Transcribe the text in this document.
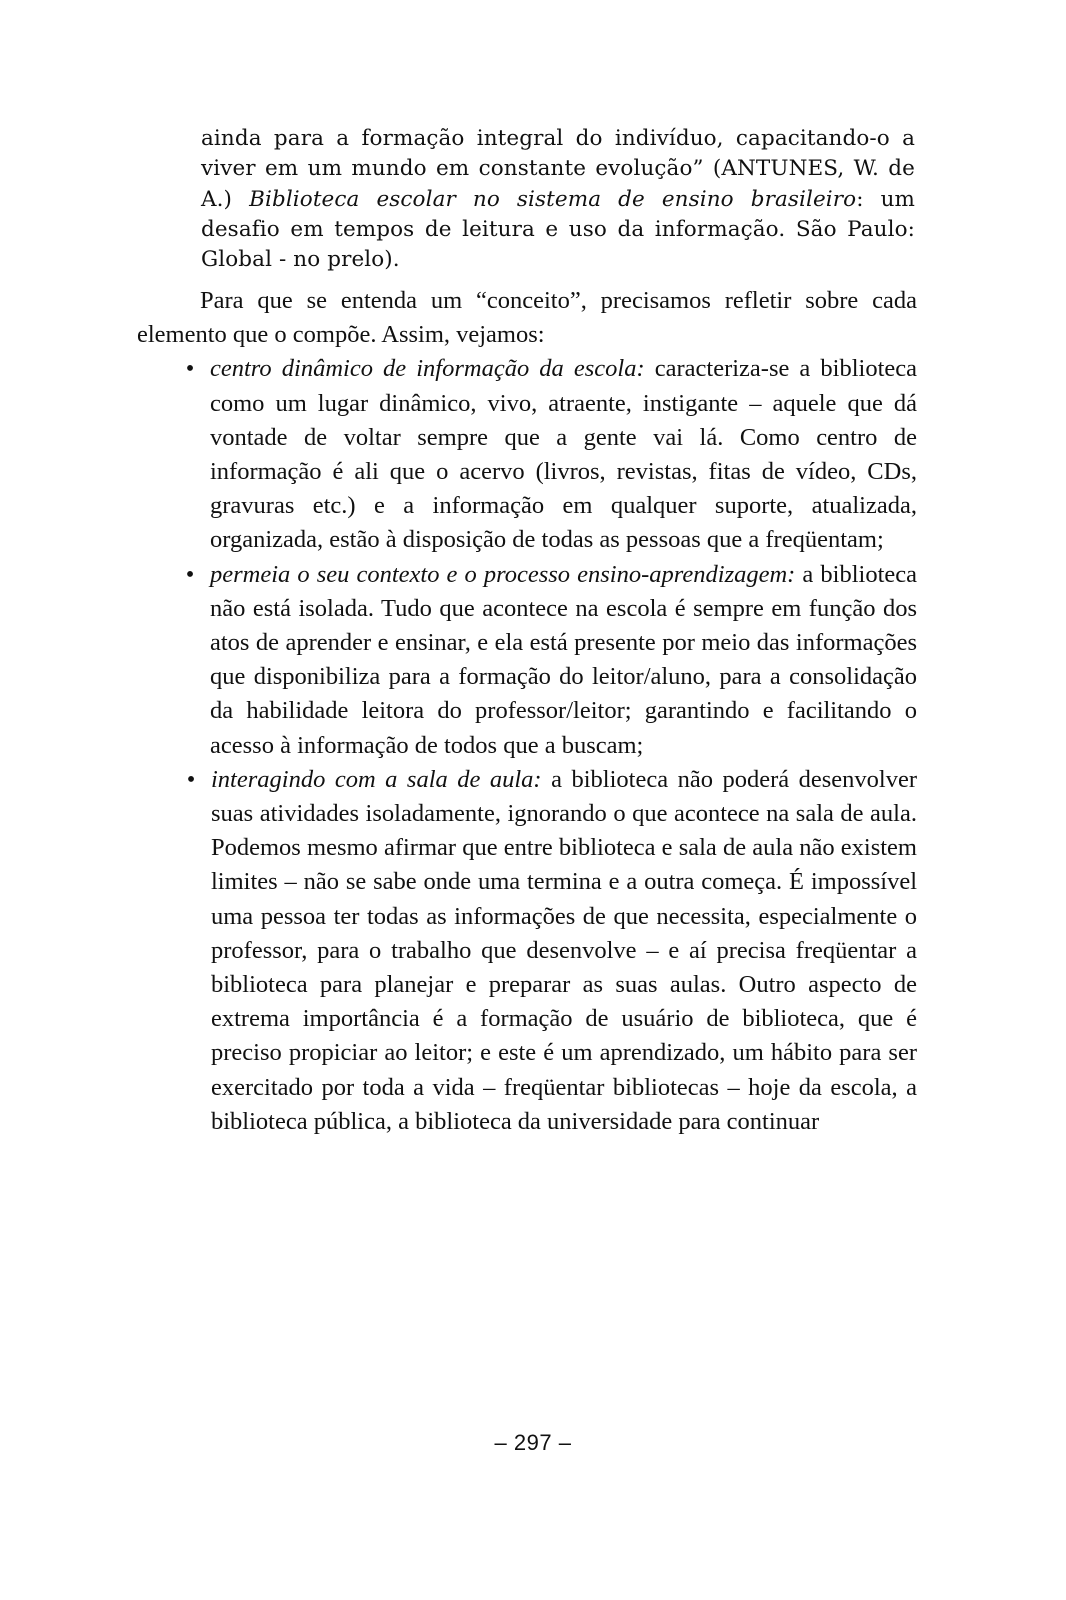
ainda para a formação integral do indivíduo, capacitando-o a viver em um mundo em constante evolução” (ANTUNES, W. de A.) Biblioteca escolar no sistema de ensino brasileiro: um desafio em tempos de leitura e uso da informação. São Paulo: Global - no prelo).

Para que se entenda um “conceito”, precisamos refletir sobre cada elemento que o compõe. Assim, vejamos:

• centro dinâmico de informação da escola: caracteriza-se a biblioteca como um lugar dinâmico, vivo, atraente, instigante – aquele que dá vontade de voltar sempre que a gente vai lá. Como centro de informação é ali que o acervo (livros, revistas, fitas de vídeo, CDs, gravuras etc.) e a informação em qualquer suporte, atualizada, organizada, estão à disposição de todas as pessoas que a freqüentam;
• permeia o seu contexto e o processo ensino-aprendizagem: a biblioteca não está isolada. Tudo que acontece na escola é sempre em função dos atos de aprender e ensinar, e ela está presente por meio das informações que disponibiliza para a formação do leitor/aluno, para a consolidação da habilidade leitora do professor/leitor; garantindo e facilitando o acesso à informação de todos que a buscam;
• interagindo com a sala de aula: a biblioteca não poderá desenvolver suas atividades isoladamente, ignorando o que acontece na sala de aula. Podemos mesmo afirmar que entre biblioteca e sala de aula não existem limites – não se sabe onde uma termina e a outra começa. É impossível uma pessoa ter todas as informações de que necessita, especialmente o professor, para o trabalho que desenvolve – e aí precisa freqüentar a biblioteca para planejar e preparar as suas aulas. Outro aspecto de extrema importância é a formação de usuário de biblioteca, que é preciso propiciar ao leitor; e este é um aprendizado, um hábito para ser exercitado por toda a vida – freqüentar bibliotecas – hoje da escola, a biblioteca pública, a biblioteca da universidade para continuar
– 297 –
